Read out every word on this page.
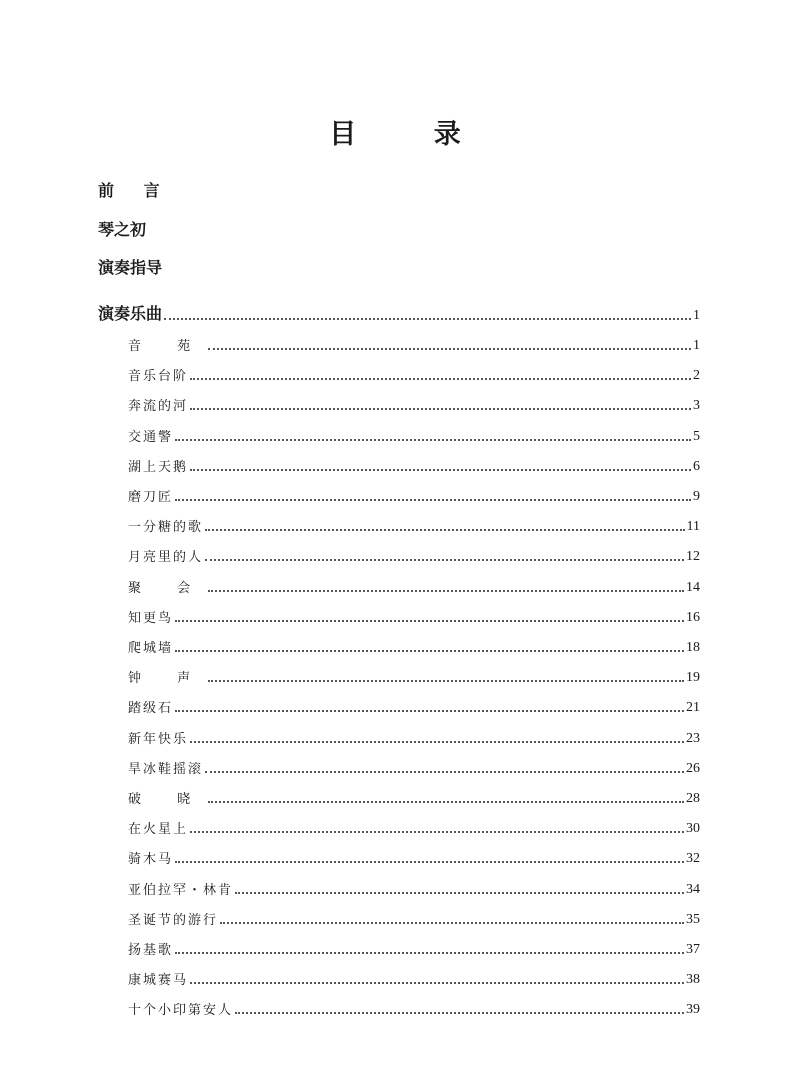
目 录
前 言
琴之初
演奏指导
演奏乐曲	1
音 苑	1
音乐台阶	2
奔流的河	3
交通警	5
湖上天鹅	6
磨刀匠	9
一分糖的歌	11
月亮里的人	12
聚 会	14
知更鸟	16
爬城墙	18
钟 声	19
踏级石	21
新年快乐	23
旱冰鞋摇滚	26
破 晓	28
在火星上	30
骑木马	32
亚伯拉罕・林肯	34
圣诞节的游行	35
扬基歌	37
康城赛马	38
十个小印第安人	39
